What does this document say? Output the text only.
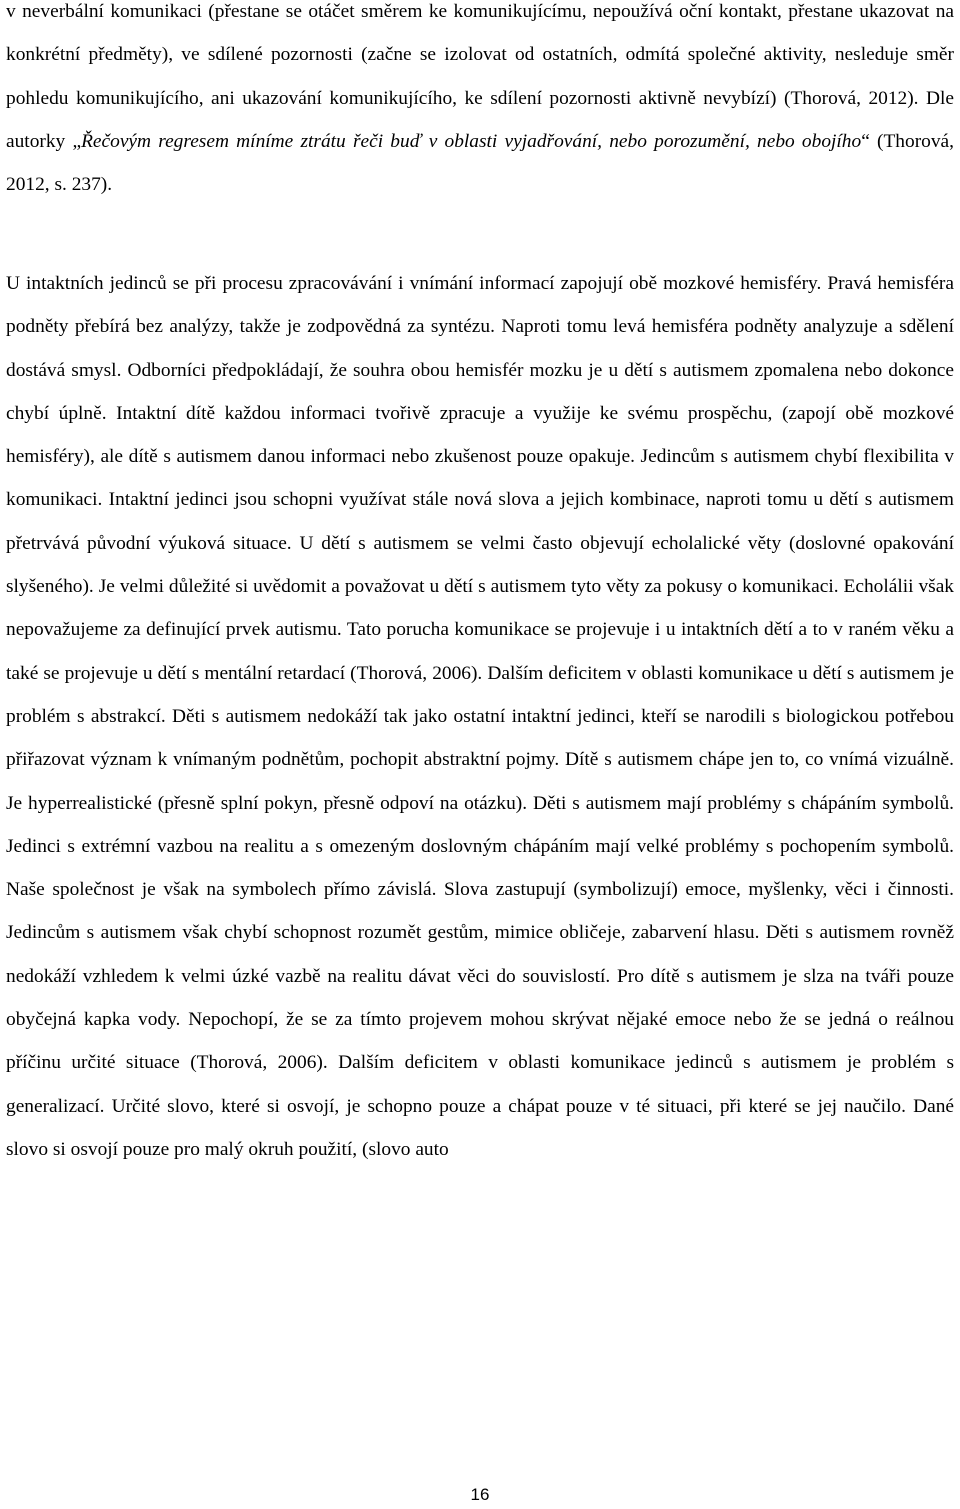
v neverbální komunikaci (přestane se otáčet směrem ke komunikujícímu, nepoužívá oční kontakt, přestane ukazovat na konkrétní předměty), ve sdílené pozornosti (začne se izolovat od ostatních, odmítá společné aktivity, nesleduje směr pohledu komunikujícího, ani ukazování komunikujícího, ke sdílení pozornosti aktivně nevybízí) (Thorová, 2012). Dle autorky „Řečovým regresem míníme ztrátu řeči buď v oblasti vyjadřování, nebo porozumění, nebo obojího“ (Thorová, 2012, s. 237).

U intaktních jedinců se při procesu zpracovávání i vnímání informací zapojují obě mozkové hemisféry. Pravá hemisféra podněty přebírá bez analýzy, takže je zodpovědná za syntézu. Naproti tomu levá hemisféra podněty analyzuje a sdělení dostává smysl. Odborníci předpokládají, že souhra obou hemisfér mozku je u dětí s autismem zpomalena nebo dokonce chybí úplně. Intaktní dítě každou informaci tvořivě zpracuje a využije ke svému prospěchu, (zapojí obě mozkové hemisféry), ale dítě s autismem danou informaci nebo zkušenost pouze opakuje. Jedincům s autismem chybí flexibilita v komunikaci. Intaktní jedinci jsou schopni využívat stále nová slova a jejich kombinace, naproti tomu u dětí s autismem přetrvává původní výuková situace. U dětí s autismem se velmi často objevují echolalické věty (doslovné opakování slyšeného). Je velmi důležité si uvědomit a považovat u dětí s autismem tyto věty za pokusy o komunikaci. Echolálii však nepovažujeme za definující prvek autismu. Tato porucha komunikace se projevuje i u intaktních dětí a to v raném věku a také se projevuje u dětí s mentální retardací (Thorová, 2006). Dalším deficitem v oblasti komunikace u dětí s autismem je problém s abstrakcí. Děti s autismem nedokáží tak jako ostatní intaktní jedinci, kteří se narodili s biologickou potřebou přiřazovat význam k vnímaným podnětům, pochopit abstraktní pojmy. Dítě s autismem chápe jen to, co vnímá vizuálně. Je hyperrealistické (přesně splní pokyn, přesně odpoví na otázku). Děti s autismem mají problémy s chápáním symbolů. Jedinci s extrémní vazbou na realitu a s omezeným doslovným chápáním mají velké problémy s pochopením symbolů. Naše společnost je však na symbolech přímo závislá. Slova zastupují (symbolizují) emoce, myšlenky, věci i činnosti. Jedincům s autismem však chybí schopnost rozumět gestům, mimice obličeje, zabarvení hlasu. Děti s autismem rovněž nedokáží vzhledem k velmi úzké vazbě na realitu dávat věci do souvislostí. Pro dítě s autismem je slza na tváři pouze obyčejná kapka vody. Nepochopí, že se za tímto projevem mohou skrývat nějaké emoce nebo že se jedná o reálnou příčinu určité situace (Thorová, 2006). Dalším deficitem v oblasti komunikace jedinců s autismem je problém s generalizací. Určité slovo, které si osvojí, je schopno pouze a chápat pouze v té situaci, při které se jej naučilo. Dané slovo si osvojí pouze pro malý okruh použití, (slovo auto

16
